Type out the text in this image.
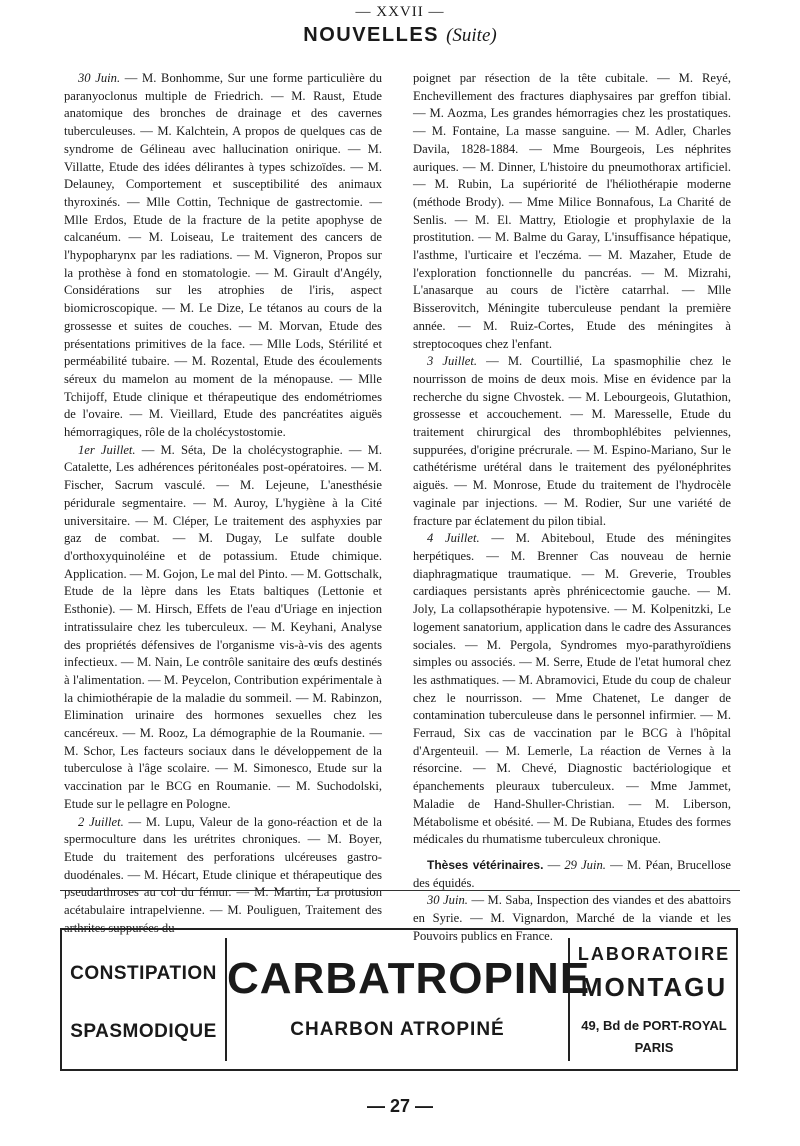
— XXVII —
NOUVELLES (Suite)

30 Juin. — M. Bonhomme, Sur une forme particulière du paranyoclonus multiple de Friedrich. — M. Raust, Etude anatomique des bronches de drainage et des cavernes tuberculeuses. — M. Kalchtein, A propos de quelques cas de syndrome de Gélineau avec hallucination onirique. — M. Villatte, Etude des idées délirantes à types schizoïdes. — M. Delauney, Comportement et susceptibilité des animaux thyroxinés. — Mlle Cottin, Technique de gastrectomie. — Mlle Erdos, Etude de la fracture de la petite apophyse de calcanéum. — M. Loiseau, Le traitement des cancers de l'hypopharynx par les radiations. — M. Vigneron, Propos sur la prothèse à fond en stomatologie. — M. Girault d'Angély, Considérations sur les atrophies de l'iris, aspect biomicroscopique. — M. Le Dize, Le tétanos au cours de la grossesse et suites de couches. — M. Morvan, Etude des présentations primitives de la face. — Mlle Lods, Stérilité et perméabilité tubaire. — M. Rozental, Etude des écoulements séreux du mamelon au moment de la ménopause. — Mlle Tchijoff, Etude clinique et thérapeutique des endométriomes de l'ovaire. — M. Vieillard, Etude des pancréatites aiguës hémorragiques, rôle de la cholécystostomie.

1er Juillet. — M. Séta, De la cholécystographie. — M. Catalette, Les adhérences péritonéales post-opératoires. — M. Fischer, Sacrum vasculé. — M. Lejeune, L'anesthésie péridurale segmentaire. — M. Auroy, L'hygiène à la Cité universitaire. — M. Cléper, Le traitement des asphyxies par gaz de combat. — M. Dugay, Le sulfate double d'orthoxyquinoléine et de potassium. Etude chimique. Application. — M. Gojon, Le mal del Pinto. — M. Gottschalk, Etude de la lèpre dans les Etats baltiques (Lettonie et Esthonie). — M. Hirsch, Effets de l'eau d'Uriage en injection intratissulaire chez les tuberculeux. — M. Keyhani, Analyse des propriétés défensives de l'organisme vis-à-vis des agents infectieux. — M. Nain, Le contrôle sanitaire des œufs destinés à l'alimentation. — M. Peycelon, Contribution expérimentale à la chimiothérapie de la maladie du sommeil. — M. Rabinzon, Elimination urinaire des hormones sexuelles chez les cancéreux. — M. Rooz, La démographie de la Roumanie. — M. Schor, Les facteurs sociaux dans le développement de la tuberculose à l'âge scolaire. — M. Simonesco, Etude sur la vaccination par le BCG en Roumanie. — M. Suchodolski, Etude sur le pellagre en Pologne.

2 Juillet. — M. Lupu, Valeur de la gono-réaction et de la spermoculture dans les urétrites chroniques. — M. Boyer, Etude du traitement des perforations ulcéreuses gastro-duodénales. — M. Hécart, Etude clinique et thérapeutique des pseudarthroses au col du fémur. — M. Martin, La protusion acétabulaire intrapelvienne. — M. Pouliguen, Traitement des arthrites suppurées du

poignet par résection de la tête cubitale. — M. Reyé, Enchevillement des fractures diaphysaires par greffon tibial. — M. Aozma, Les grandes hémorragies chez les prostatiques. — M. Fontaine, La masse sanguine. — M. Adler, Charles Davila, 1828-1884. — Mme Bourgeois, Les néphrites auriques. — M. Dinner, L'histoire du pneumothorax artificiel. — M. Rubin, La supériorité de l'héliothérapie moderne (méthode Brody). — Mme Milice Bonnafous, La Charité de Senlis. — M. El. Mattry, Etiologie et prophylaxie de la prostitution. — M. Balme du Garay, L'insuffisance hépatique, l'asthme, l'urticaire et l'eczéma. — M. Mazaher, Etude de l'exploration fonctionnelle du pancréas. — M. Mizrahi, L'anasarque au cours de l'ictère catarrhal. — Mlle Bisserovitch, Méningite tuberculeuse pendant la première année. — M. Ruiz-Cortes, Etude des méningites à streptocoques chez l'enfant.

3 Juillet. — M. Courtillié, La spasmophilie chez le nourrisson de moins de deux mois. Mise en évidence par la recherche du signe Chvostek. — M. Lebourgeois, Glutathion, grossesse et accouchement. — M. Maresselle, Etude du traitement chirurgical des thrombophlébites pelviennes, suppurées, d'origine précrurale. — M. Espino-Mariano, Sur le cathétérisme urétéral dans le traitement des pyélonéphrites aiguës. — M. Monrose, Etude du traitement de l'hydrocèle vaginale par injections. — M. Rodier, Sur une variété de fracture par éclatement du pilon tibial.

4 Juillet. — M. Abiteboul, Etude des méningites herpétiques. — M. Brenner Cas nouveau de hernie diaphragmatique traumatique. — M. Greverie, Troubles cardiaques persistants après phrénicectomie gauche. — M. Joly, La collapsothérapie hypotensive. — M. Kolpenitzki, Le logement sanatorium, application dans le cadre des Assurances sociales. — M. Pergola, Syndromes myo-parathyroïdiens simples ou associés. — M. Serre, Etude de l'etat humoral chez les asthmatiques. — M. Abramovici, Etude du coup de chaleur chez le nourrisson. — Mme Chatenet, Le danger de contamination tuberculeuse dans le personnel infirmier. — M. Ferraud, Six cas de vaccination par le BCG à l'hôpital d'Argenteuil. — M. Lemerle, La réaction de Vernes à la résorcine. — M. Chevé, Diagnostic bactériologique et épanchements pleuraux tuberculeux. — Mme Jammet, Maladie de Hand-Shuller-Christian. — M. Liberson, Métabolisme et obésité. — M. De Rubiana, Etudes des formes médicales du rhumatisme tuberculeux chronique.

Thèses vétérinaires. — 29 Juin. — M. Péan, Brucellose des équidés.

30 Juin. — M. Saba, Inspection des viandes et des abattoirs en Syrie. — M. Vignardon, Marché de la viande et les Pouvoirs publics en France.

CONSTIPATION
SPASMODIQUE
CARBATROPINE
CHARBON ATROPINÉ
LABORATOIRE
MONTAGU
49, Bd de PORT-ROYAL
PARIS
— 27 —
